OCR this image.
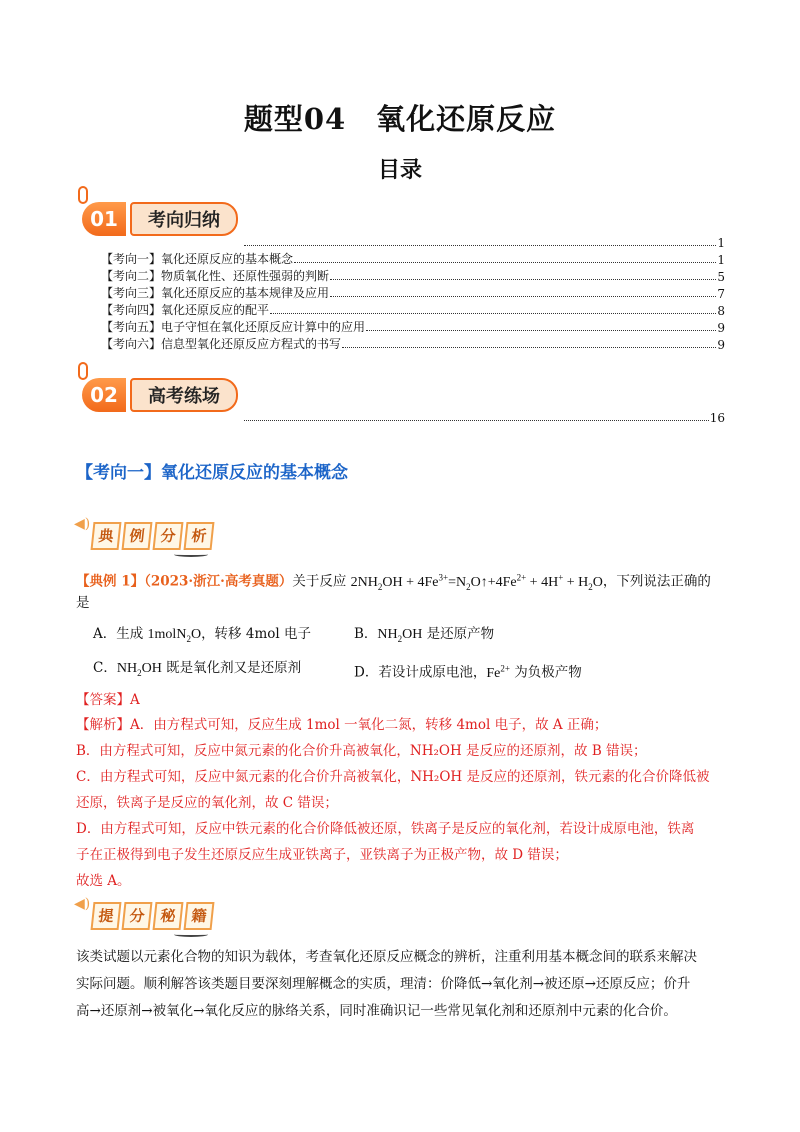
题型04　氧化还原反应
目录
01	考向归纳
1
【考向一】氧化还原反应的基本概念	1
【考向二】物质氧化性、还原性强弱的判断	5
【考向三】氧化还原反应的基本规律及应用	7
【考向四】氧化还原反应的配平	8
【考向五】电子守恒在氧化还原反应计算中的应用	9
【考向六】信息型氧化还原反应方程式的书写	9
02	高考练场
16
【考向一】氧化还原反应的基本概念
◀)
典 例 分 析
【典例 1】（2023·浙江·高考真题）关于反应 $2NH_2OH$ + $4Fe^{3+}=N_2O↑+4Fe^{2+} + 4H^+ + H_2O$，下列说法正确的
是
A．生成 1molN$_2$O，转移 4mol 电子	B．$NH_2OH$ 是还原产物
C．$NH_2OH$ 既是氧化剂又是还原剂	D．若设计成原电池，$Fe^{2+}$ 为负极产物
【答案】A
【解析】A．由方程式可知，反应生成 1mol 一氧化二氮，转移 4mol 电子，故 A 正确；
B．由方程式可知，反应中氮元素的化合价升高被氧化，NH₂OH 是反应的还原剂，故 B 错误；
C．由方程式可知，反应中氮元素的化合价升高被氧化，NH₂OH 是反应的还原剂，铁元素的化合价降低被
还原，铁离子是反应的氧化剂，故 C 错误；
D．由方程式可知，反应中铁元素的化合价降低被还原，铁离子是反应的氧化剂，若设计成原电池，铁离
子在正极得到电子发生还原反应生成亚铁离子，亚铁离子为正极产物，故 D 错误；
故选 A。
◀)
提 分 秘 籍
该类试题以元素化合物的知识为载体，考查氧化还原反应概念的辨析，注重利用基本概念间的联系来解决
实际问题。顺利解答该类题目要深刻理解概念的实质，理清：价降低→氧化剂→被还原→还原反应；价升
高→还原剂→被氧化→氧化反应的脉络关系，同时准确识记一些常见氧化剂和还原剂中元素的化合价。
